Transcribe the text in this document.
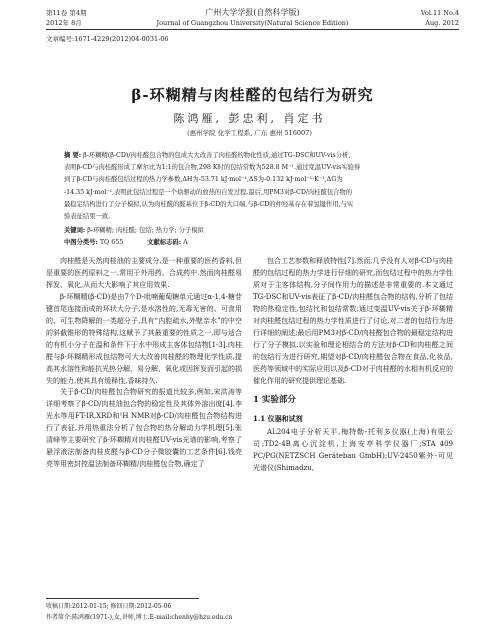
第11卷 第4期
2012年 8月
广州大学学报(自然科学版)
Journal of Guangzhou University(Natural Science Edition)
Vol.11 No.4
Aug. 2012
文章编号:1671-4229(2012)04-0031-06
β-环糊精与肉桂醛的包结行为研究
陈鸿雁, 彭忠利, 肖定书
(惠州学院 化学工程系, 广东 惠州 516007)
摘 要: β-环糊精(β-CD)/肉桂醛包合物的包成大大改善了肉桂醛的物化性质,通过TG-DSC和UV-vis分析,
表明β-CD与肉桂醛形成了摩尔比为1:1的包合物,298 K时的包结常数为528.8 M⁻¹.通过变温UV-vis实验得
到了β-CD与肉桂醛包结过程的热力学参数,ΔH为-53.71 kJ·mol⁻¹,ΔS为-0.132 kJ·mol⁻¹·K⁻¹,ΔG为
-14.35 kJ·mol⁻¹,表明此包结过程是一个焓驱动的放热的自发过程.最后,用PM3对β-CD/肉桂醛包合物的
最稳定结构进行了分子模拟,认为肉桂醛的醛基位于β-CD的大口端,与β-CD的仲羟基存在着氢键作用,与实
验表征结果一致.
关键词: β-环糊精; 肉桂醛; 包结; 热力学; 分子模拟
中图分类号: TQ 655	文献标志码: A

肉桂醛是天然肉桂油的主要成分,是一种重要的医药香料,但是重要的医药原料之一,常用于外用药、合成药中.然而肉桂醛易挥发、氧化,从而大大影响了其应用效果.

β-环糊精(β-CD)是由7个D-吡喃葡萄糖单元通过α-1,4-糖苷键首尾连接而成的环状大分子,是水溶性的,无毒无害的、可食用的、可生物降解的一类超分子,具有“内腔疏水,外壁亲水”的中空的斜截锥形的特殊结构,这赋予了其最重要的性质之一,即与适合的有机小分子在温和条件下于水中形成主客体包结物[1-3].肉桂醛与β-环糊精形成包结物可大大改善肉桂醛的物理化学性质,提高其水溶性和能抗光热分解、易分解、氧化或因挥发而引起的损失的能力,使其具有缓释性,香味持久.

关于β-CD/肉桂醛包合物研究的报道比较多,例如,宋洪涛等详细考察了β-CD/肉桂油包合物的稳定性及其体外溶出度[4].李光水等用FT-IR,XRD和¹H NMR对β-CD/肉桂醛包合物结构进行了表征,并用热重法分析了包合物的热分解动力学机理[5].张清峰等主要研究了β-环糊精对肉桂醛UV-vis光谱的影响,考察了悬浮液法制备肉桂皮醛与β-CD分子微胶囊的工艺条件[6].钱亮亮等用密封控温法制备环糊精/肉桂醛包合物,确定了

包合工艺参数和释放特性[7].然而,几乎没有人对β-CD与肉桂醛的包结过程的热力学进行仔细的研究,而包结过程中的热力学性质对于主客体结构,分子间作用力的描述是非常重要的.本文通过TG-DSC和UV-vis表征了β-CD/肉桂醛包合物的结构,分析了包结物的热稳定性,包结比和包结常数;通过变温UV-vis关于β-环糊精对肉桂醛包结过程的热力学性质进行了讨论,对二者的包结行为进行详细的阐述;最后用PM3对β-CD/肉桂醛包合物的最稳定结构进行了分子模拟.以实验和理论相结合的方法对β-CD和肉桂醛之间的包结行为进行研究,期望对β-CD/肉桂醛包合物在食品,化妆品,医药等领域中的实际应用以及β-CD对于肉桂醛的水相有机反应的催化作用的研究提供理论基础.

1 实验部分
1.1 仪器和试剂

AL204电子分析天平,梅特勒-托利多仪器(上海)有限公司;TD2-4B离心沉淀机,上海安亭科学仪器厂;STA 409 PC/PG(NETZSCH Gerätebau GmbH);UV-2450紫外-可见光谱仪(Shimadzu,

收稿日期:2012-01-15; 修回日期:2012-05-06
作者简介:陈鸿雁(1971-),女,讲师,博士.E-mail:chenhy@hzu.edu.cn
